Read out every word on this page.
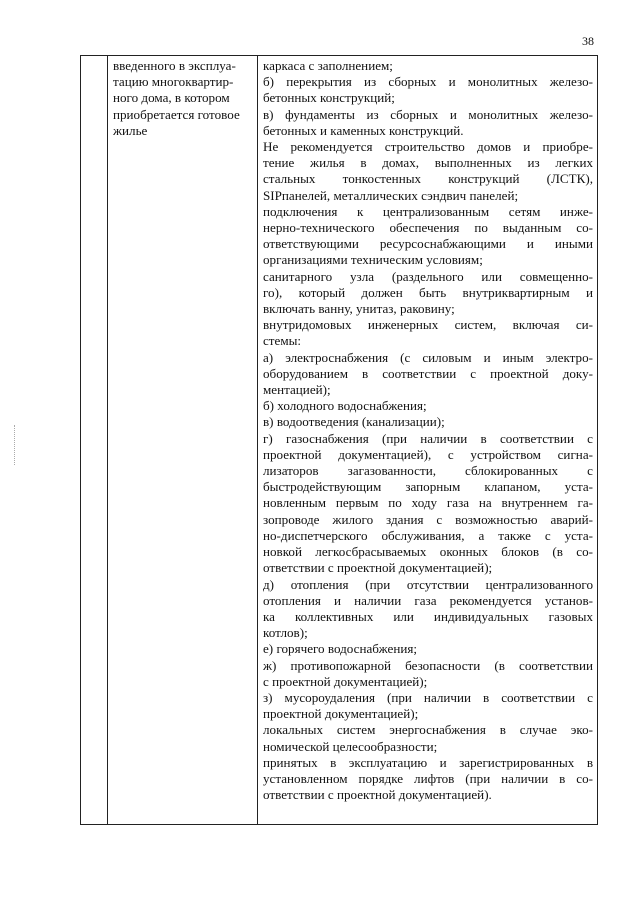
38

введенного в эксплуа-
тацию многоквартир-
ного дома, в котором
приобретается готовое
жилье

каркаса с заполнением;
б) перекрытия из сборных и монолитных железо-
бетонных конструкций;
в) фундаменты из сборных и монолитных железо-
бетонных и каменных конструкций.
Не рекомендуется строительство домов и приобре-
тение жилья в домах, выполненных из легких
стальных тонкостенных конструкций (ЛСТК),
SIPпанелей, металлических сэндвич панелей;
подключения к централизованным сетям инже-
нерно-технического обеспечения по выданным со-
ответствующими ресурсоснабжающими и иными
организациями техническим условиям;
санитарного узла (раздельного или совмещенно-
го), который должен быть внутриквартирным и
включать ванну, унитаз, раковину;
внутридомовых инженерных систем, включая си-
стемы:
а) электроснабжения (с силовым и иным электро-
оборудованием в соответствии с проектной доку-
ментацией);
б) холодного водоснабжения;
в) водоотведения (канализации);
г) газоснабжения (при наличии в соответствии с
проектной документацией), с устройством сигна-
лизаторов загазованности, сблокированных с
быстродействующим запорным клапаном, уста-
новленным первым по ходу газа на внутреннем га-
зопроводе жилого здания с возможностью аварий-
но-диспетчерского обслуживания, а также с уста-
новкой легкосбрасываемых оконных блоков (в со-
ответствии с проектной документацией);
д) отопления (при отсутствии централизованного
отопления и наличии газа рекомендуется установ-
ка коллективных или индивидуальных газовых
котлов);
е) горячего водоснабжения;
ж) противопожарной безопасности (в соответствии
с проектной документацией);
з) мусороудаления (при наличии в соответствии с
проектной документацией);
локальных систем энергоснабжения в случае эко-
номической целесообразности;
принятых в эксплуатацию и зарегистрированных в
установленном порядке лифтов (при наличии в со-
ответствии с проектной документацией).
